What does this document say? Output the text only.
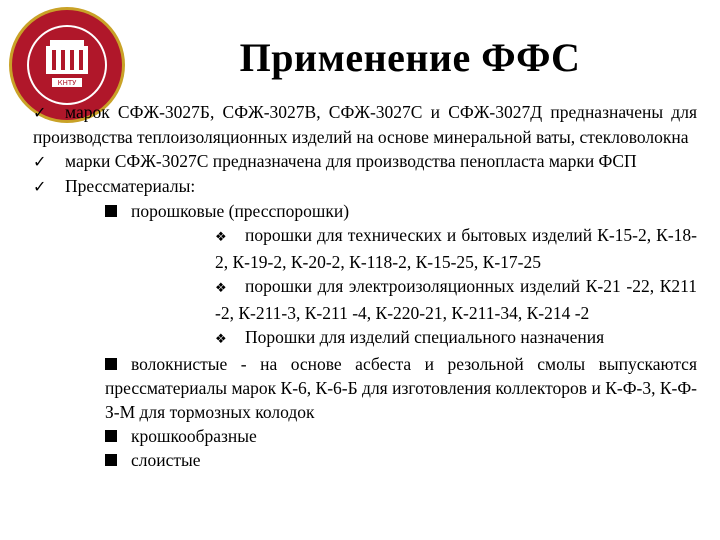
КНТУ
Применение ФФС
✓ марок СФЖ-3027Б, СФЖ-3027В, СФЖ-3027С и СФЖ-3027Д предназначены для производства теплоизоляционных изделий на основе минеральной ваты, стекловолокна
✓ марки СФЖ-3027С предназначена для производства пенопласта марки ФСП
✓ Прессматериалы:
порошковые (пресспорошки)
❖ порошки для технических и бытовых изделий К-15-2, К-18-2, К-19-2, К-20-2, К-118-2, К-15-25, К-17-25
❖ порошки для электроизоляционных изделий К-21 -22, К211 -2, К-211-3, К-211 -4, К-220-21, К-211-34, К-214 -2
❖ Порошки для изделий специального назначения
волокнистые - на основе асбеста и резольной смолы выпускаются прессматериалы марок К-6, К-6-Б для изготовления коллекторов и К-Ф-3, К-Ф-З-М для тормозных колодок
крошкообразные
слоистые
